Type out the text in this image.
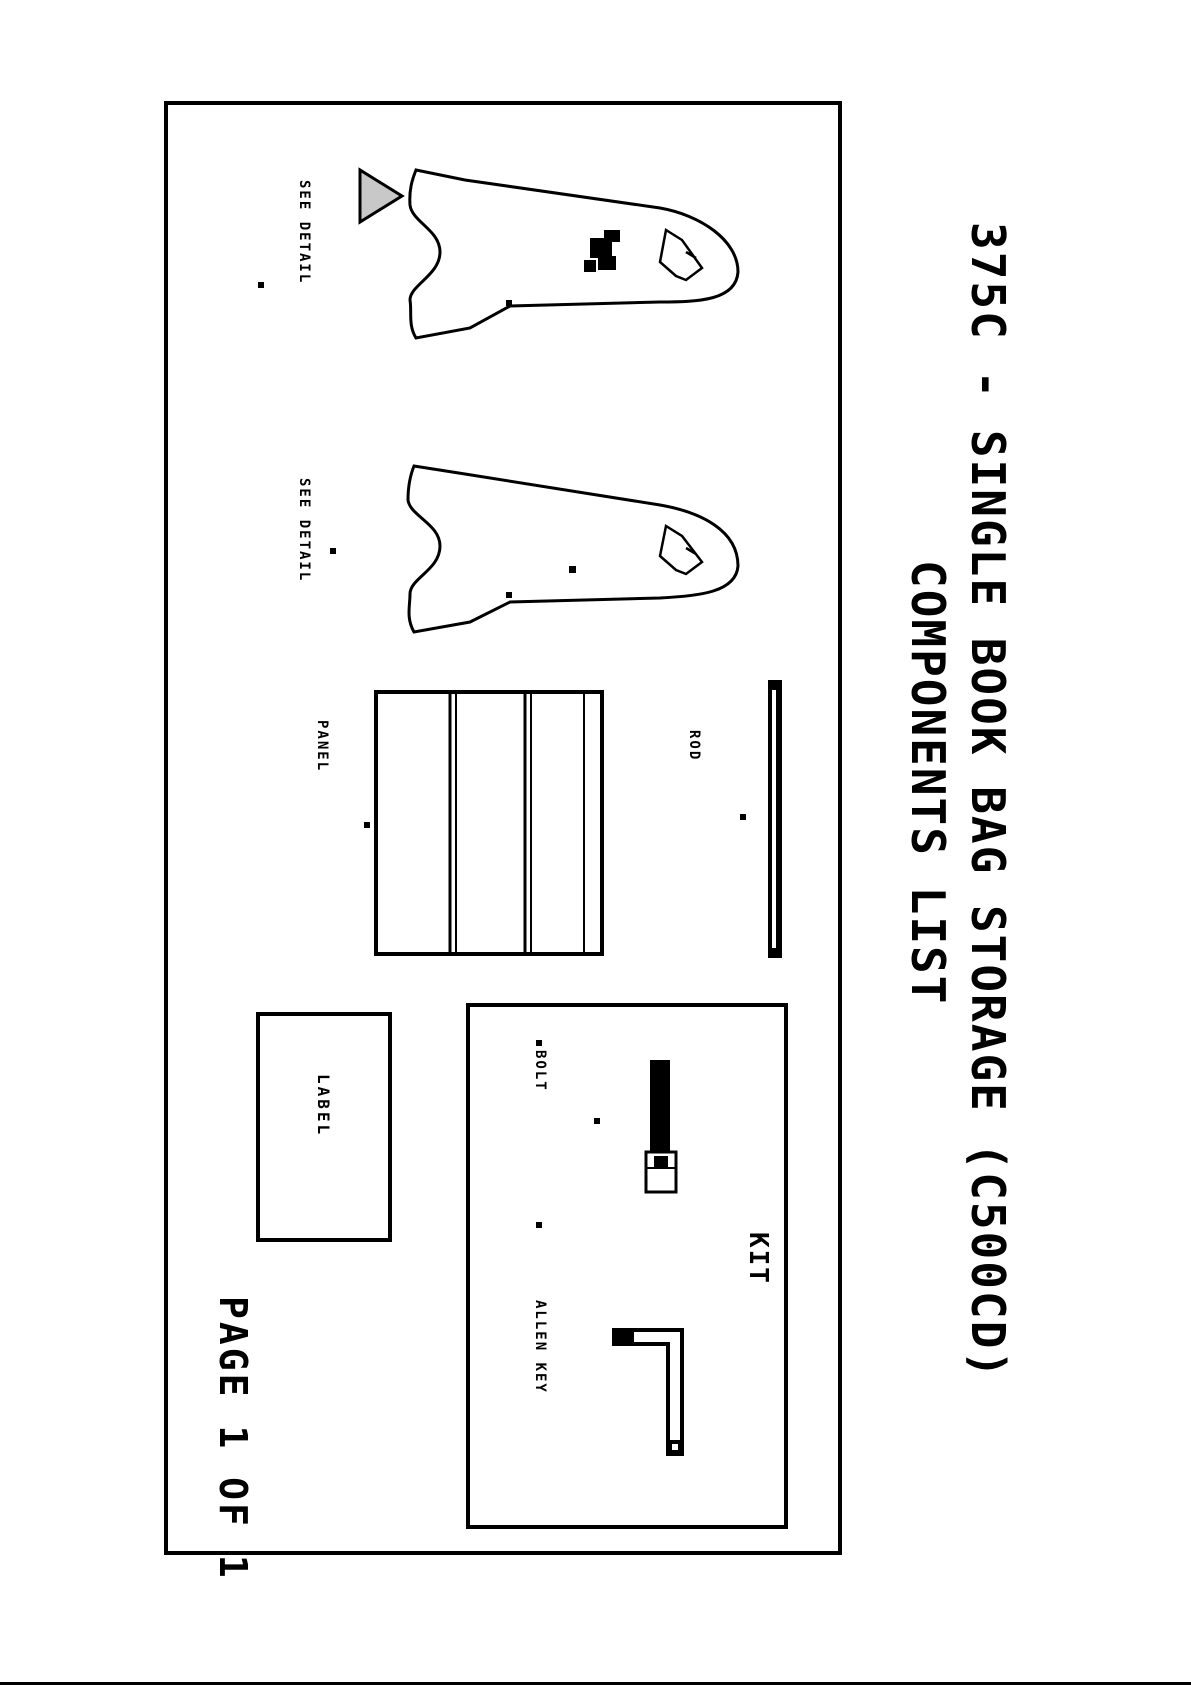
375C - SINGLE BOOK BAG STORAGE (C500CD)
COMPONENTS LIST
SEE DETAIL
SEE DETAIL
PANEL	ROD
LABEL
KIT
BOLT
ALLEN KEY
PAGE 1 OF 1
